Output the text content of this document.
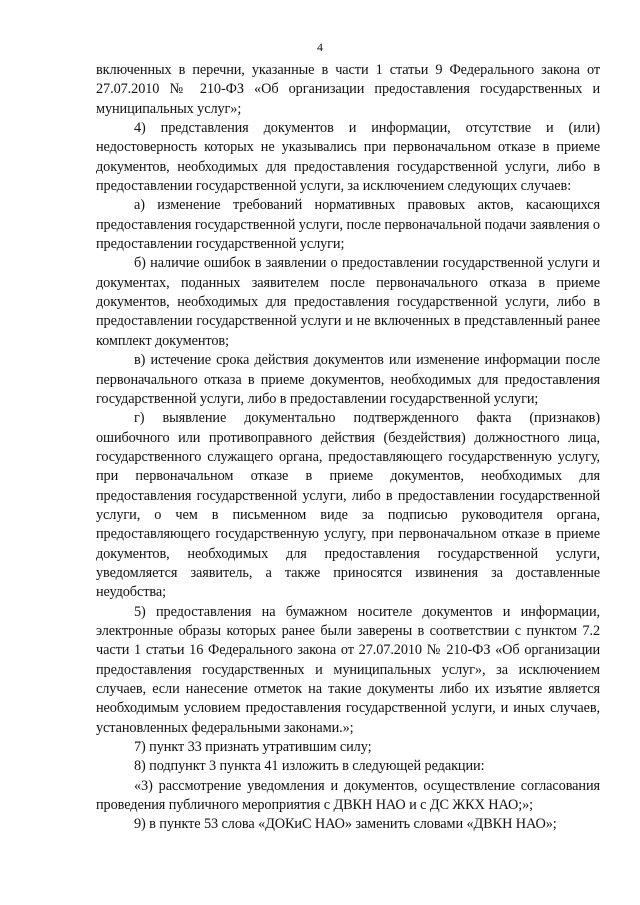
4

включенных в перечни, указанные в части 1 статьи 9 Федерального закона от 27.07.2010 № 210-ФЗ «Об организации предоставления государственных и муниципальных услуг»;

4) представления документов и информации, отсутствие и (или) недостоверность которых не указывались при первоначальном отказе в приеме документов, необходимых для предоставления государственной услуги, либо в предоставлении государственной услуги, за исключением следующих случаев:

а) изменение требований нормативных правовых актов, касающихся предоставления государственной услуги, после первоначальной подачи заявления о предоставлении государственной услуги;

б) наличие ошибок в заявлении о предоставлении государственной услуги и документах, поданных заявителем после первоначального отказа в приеме документов, необходимых для предоставления государственной услуги, либо в предоставлении государственной услуги и не включенных в представленный ранее комплект документов;

в) истечение срока действия документов или изменение информации после первоначального отказа в приеме документов, необходимых для предоставления государственной услуги, либо в предоставлении государственной услуги;

г) выявление документально подтвержденного факта (признаков) ошибочного или противоправного действия (бездействия) должностного лица, государственного служащего органа, предоставляющего государственную услугу, при первоначальном отказе в приеме документов, необходимых для предоставления государственной услуги, либо в предоставлении государственной услуги, о чем в письменном виде за подписью руководителя органа, предоставляющего государственную услугу, при первоначальном отказе в приеме документов, необходимых для предоставления государственной услуги, уведомляется заявитель, а также приносятся извинения за доставленные неудобства;

5) предоставления на бумажном носителе документов и информации, электронные образы которых ранее были заверены в соответствии с пунктом 7.2 части 1 статьи 16 Федерального закона от 27.07.2010 № 210-ФЗ «Об организации предоставления государственных и муниципальных услуг», за исключением случаев, если нанесение отметок на такие документы либо их изъятие является необходимым условием предоставления государственной услуги, и иных случаев, установленных федеральными законами.»;

7) пункт 33 признать утратившим силу;

8) подпункт 3 пункта 41 изложить в следующей редакции:

«3) рассмотрение уведомления и документов, осуществление согласования проведения публичного мероприятия с ДВКН НАО и с ДС ЖКХ НАО;»;

9) в пункте 53 слова «ДОКиС НАО» заменить словами «ДВКН НАО»;
